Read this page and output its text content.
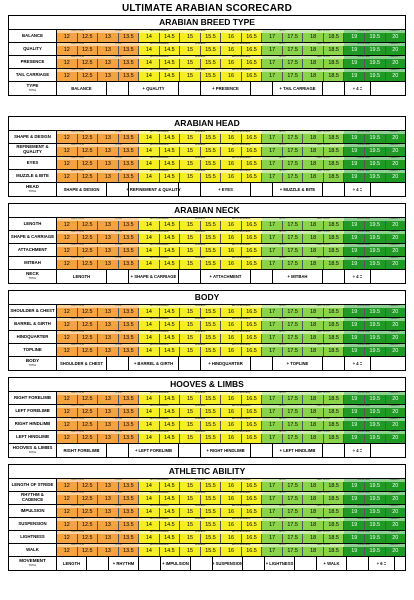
ULTIMATE ARABIAN SCORECARD
ARABIAN BREED TYPE
BALANCE
VERY POOR	POOR	BELOW AVERAGE	AVERAGE	ABOVE AVERAGE	GOOD	VERY GOOD	EXCELLENT	PERFECT
12	12.5	13	13.5	14	14.5	15	15.5	16	16.5	17	17.5	18	18.5	19	19.5	20
QUALITY
VERY POOR	POOR	BELOW AVERAGE	AVERAGE	ABOVE AVERAGE	GOOD	VERY GOOD	EXCELLENT	PERFECT
12	12.5	13	13.5	14	14.5	15	15.5	16	16.5	17	17.5	18	18.5	19	19.5	20
PRESENCE
VERY POOR	POOR	BELOW AVERAGE	AVERAGE	ABOVE AVERAGE	GOOD	VERY GOOD	EXCELLENT	PERFECT
12	12.5	13	13.5	14	14.5	15	15.5	16	16.5	17	17.5	18	18.5	19	19.5	20
TAIL CARRIAGE
VERY POOR	POOR	BELOW AVERAGE	AVERAGE	ABOVE AVERAGE	GOOD	VERY GOOD	EXCELLENT	PERFECT
12	12.5	13	13.5	14	14.5	15	15.5	16	16.5	17	17.5	18	18.5	19	19.5	20
TYPE
TOTAL	BALANCE	+ QUALITY	+ PRESENCE	+ TAIL CARRIAGE	÷ 4 =
ARABIAN HEAD
SHAPE & DESIGN
VERY POOR	POOR	BELOW AVERAGE	AVERAGE	ABOVE AVERAGE	GOOD	VERY GOOD	EXCELLENT	PERFECT
12	12.5	13	13.5	14	14.5	15	15.5	16	16.5	17	17.5	18	18.5	19	19.5	20
REFINEMENT & QUALITY
VERY POOR	POOR	BELOW AVERAGE	AVERAGE	ABOVE AVERAGE	GOOD	VERY GOOD	EXCELLENT	PERFECT
12	12.5	13	13.5	14	14.5	15	15.5	16	16.5	17	17.5	18	18.5	19	19.5	20
EYES
VERY POOR	POOR	BELOW AVERAGE	AVERAGE	ABOVE AVERAGE	GOOD	VERY GOOD	EXCELLENT	PERFECT
12	12.5	13	13.5	14	14.5	15	15.5	16	16.5	17	17.5	18	18.5	19	19.5	20
MUZZLE & BITE
VERY POOR	POOR	BELOW AVERAGE	AVERAGE	ABOVE AVERAGE	GOOD	VERY GOOD	EXCELLENT	PERFECT
12	12.5	13	13.5	14	14.5	15	15.5	16	16.5	17	17.5	18	18.5	19	19.5	20
HEAD
TOTAL	SHAPE & DESIGN	+ REFINEMENT & QUALITY	+ EYES	+ MUZZLE & BITE	÷ 4 =
ARABIAN NECK
LENGTH
VERY POOR	POOR	BELOW AVERAGE	AVERAGE	ABOVE AVERAGE	GOOD	VERY GOOD	EXCELLENT	PERFECT
12	12.5	13	13.5	14	14.5	15	15.5	16	16.5	17	17.5	18	18.5	19	19.5	20
SHAPE & CARRIAGE
VERY POOR	POOR	BELOW AVERAGE	AVERAGE	ABOVE AVERAGE	GOOD	VERY GOOD	EXCELLENT	PERFECT
12	12.5	13	13.5	14	14.5	15	15.5	16	16.5	17	17.5	18	18.5	19	19.5	20
ATTACHMENT
VERY POOR	POOR	BELOW AVERAGE	AVERAGE	ABOVE AVERAGE	GOOD	VERY GOOD	EXCELLENT	PERFECT
12	12.5	13	13.5	14	14.5	15	15.5	16	16.5	17	17.5	18	18.5	19	19.5	20
MITBAH
VERY POOR	POOR	BELOW AVERAGE	AVERAGE	ABOVE AVERAGE	GOOD	VERY GOOD	EXCELLENT	PERFECT
12	12.5	13	13.5	14	14.5	15	15.5	16	16.5	17	17.5	18	18.5	19	19.5	20
NECK
TOTAL	LENGTH	+ SHAPE & CARRIAGE	+ ATTACHMENT	+ MITBAH	÷ 4 =
BODY
SHOULDER & CHEST
VERY POOR	POOR	BELOW AVERAGE	AVERAGE	ABOVE AVERAGE	GOOD	VERY GOOD	EXCELLENT	PERFECT
12	12.5	13	13.5	14	14.5	15	15.5	16	16.5	17	17.5	18	18.5	19	19.5	20
BARREL & GIRTH
VERY POOR	POOR	BELOW AVERAGE	AVERAGE	ABOVE AVERAGE	GOOD	VERY GOOD	EXCELLENT	PERFECT
12	12.5	13	13.5	14	14.5	15	15.5	16	16.5	17	17.5	18	18.5	19	19.5	20
HINDQUARTER
VERY POOR	POOR	BELOW AVERAGE	AVERAGE	ABOVE AVERAGE	GOOD	VERY GOOD	EXCELLENT	PERFECT
12	12.5	13	13.5	14	14.5	15	15.5	16	16.5	17	17.5	18	18.5	19	19.5	20
TOPLINE
VERY POOR	POOR	BELOW AVERAGE	AVERAGE	ABOVE AVERAGE	GOOD	VERY GOOD	EXCELLENT	PERFECT
12	12.5	13	13.5	14	14.5	15	15.5	16	16.5	17	17.5	18	18.5	19	19.5	20
BODY
TOTAL	SHOULDER & CHEST	+ BARREL & GIRTH	+ HINDQUARTER	+ TOPLINE	÷ 4 =
HOOVES & LIMBS
RIGHT FORELIMB
VERY POOR	POOR	BELOW AVERAGE	AVERAGE	ABOVE AVERAGE	GOOD	VERY GOOD	EXCELLENT	PERFECT
12	12.5	13	13.5	14	14.5	15	15.5	16	16.5	17	17.5	18	18.5	19	19.5	20
LEFT FORELIMB
VERY POOR	POOR	BELOW AVERAGE	AVERAGE	ABOVE AVERAGE	GOOD	VERY GOOD	EXCELLENT	PERFECT
12	12.5	13	13.5	14	14.5	15	15.5	16	16.5	17	17.5	18	18.5	19	19.5	20
RIGHT HINDLIMB
VERY POOR	POOR	BELOW AVERAGE	AVERAGE	ABOVE AVERAGE	GOOD	VERY GOOD	EXCELLENT	PERFECT
12	12.5	13	13.5	14	14.5	15	15.5	16	16.5	17	17.5	18	18.5	19	19.5	20
LEFT HINDLIMB
VERY POOR	POOR	BELOW AVERAGE	AVERAGE	ABOVE AVERAGE	GOOD	VERY GOOD	EXCELLENT	PERFECT
12	12.5	13	13.5	14	14.5	15	15.5	16	16.5	17	17.5	18	18.5	19	19.5	20
HOOVES & LIMBS
TOTAL	RIGHT FORELIMB	+ LEFT FORELIMB	+ RIGHT HINDLIMB	+ LEFT HINDLIMB	÷ 4 =
ATHLETIC ABILITY
LENGTH OF STRIDE
VERY POOR	POOR	BELOW AVERAGE	AVERAGE	ABOVE AVERAGE	GOOD	VERY GOOD	EXCELLENT	PERFECT
12	12.5	13	13.5	14	14.5	15	15.5	16	16.5	17	17.5	18	18.5	19	19.5	20
RHYTHM & CADENCE
VERY POOR	POOR	BELOW AVERAGE	AVERAGE	ABOVE AVERAGE	GOOD	VERY GOOD	EXCELLENT	PERFECT
12	12.5	13	13.5	14	14.5	15	15.5	16	16.5	17	17.5	18	18.5	19	19.5	20
IMPULSION
VERY POOR	POOR	BELOW AVERAGE	AVERAGE	ABOVE AVERAGE	GOOD	VERY GOOD	EXCELLENT	PERFECT
12	12.5	13	13.5	14	14.5	15	15.5	16	16.5	17	17.5	18	18.5	19	19.5	20
SUSPENSION
VERY POOR	POOR	BELOW AVERAGE	AVERAGE	ABOVE AVERAGE	GOOD	VERY GOOD	EXCELLENT	PERFECT
12	12.5	13	13.5	14	14.5	15	15.5	16	16.5	17	17.5	18	18.5	19	19.5	20
LIGHTNESS
VERY POOR	POOR	BELOW AVERAGE	AVERAGE	ABOVE AVERAGE	GOOD	VERY GOOD	EXCELLENT	PERFECT
12	12.5	13	13.5	14	14.5	15	15.5	16	16.5	17	17.5	18	18.5	19	19.5	20
WALK
VERY POOR	POOR	BELOW AVERAGE	AVERAGE	ABOVE AVERAGE	GOOD	VERY GOOD	EXCELLENT	PERFECT
12	12.5	13	13.5	14	14.5	15	15.5	16	16.5	17	17.5	18	18.5	19	19.5	20
MOVEMENT
TOTAL	LENGTH	+ RHYTHM	+ IMPULSION	+ SUSPENSION	+ LIGHTNESS	+ WALK	÷ 6 =
